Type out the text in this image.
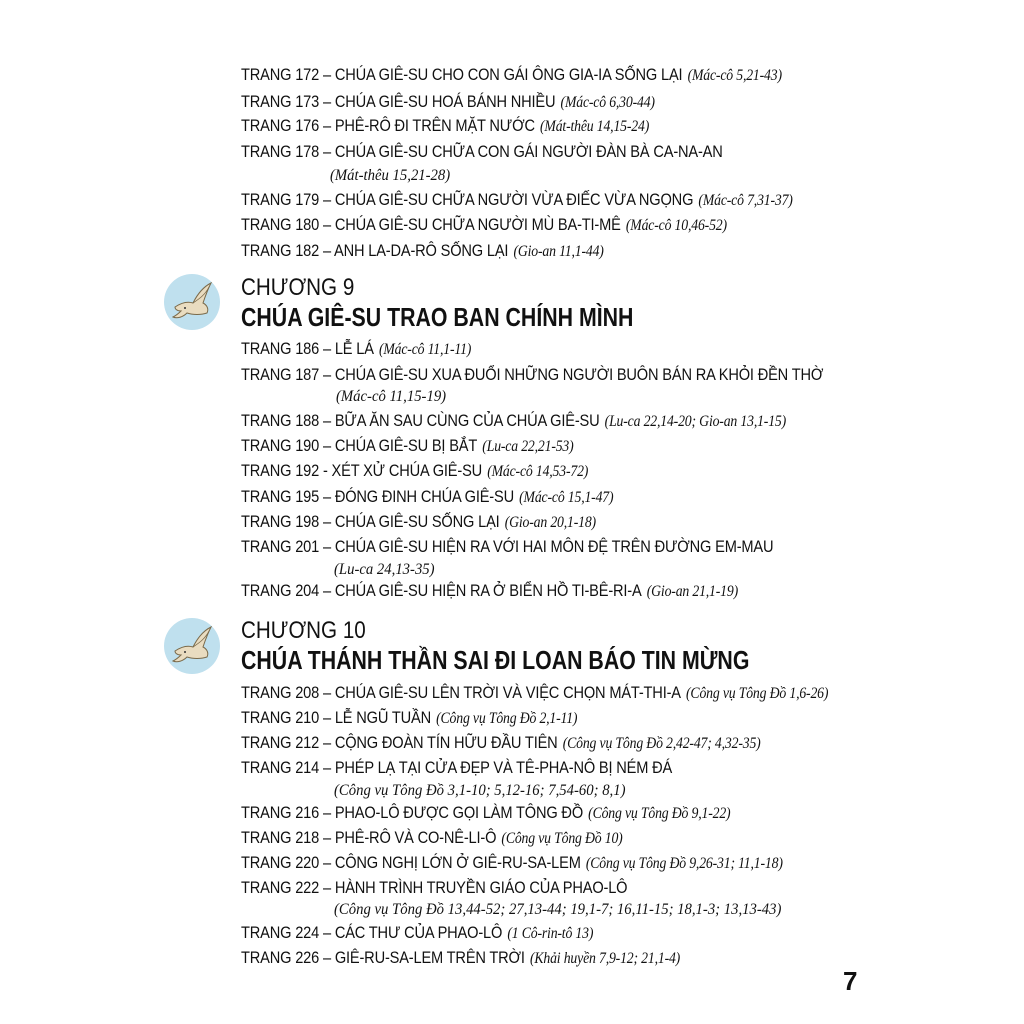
TRANG 172 – CHÚA GIÊ-SU CHO CON GÁI ÔNG GIA-IA SỐNG LẠI (Mác-cô 5,21-43)
TRANG 173 – CHÚA GIÊ-SU HOÁ BÁNH NHIỀU (Mác-cô 6,30-44)
TRANG 176 – PHÊ-RÔ ĐI TRÊN MẶT NƯỚC (Mát-thêu 14,15-24)
TRANG 178 – CHÚA GIÊ-SU CHỮA CON GÁI NGƯỜI ĐÀN BÀ CA-NA-AN
(Mát-thêu 15,21-28)
TRANG 179 – CHÚA GIÊ-SU CHỮA NGƯỜI VỪA ĐIẾC VỪA NGỌNG (Mác-cô 7,31-37)
TRANG 180 – CHÚA GIÊ-SU CHỮA NGƯỜI MÙ BA-TI-MÊ (Mác-cô 10,46-52)
TRANG 182 – ANH LA-DA-RÔ SỐNG LẠI (Gio-an 11,1-44)
CHƯƠNG 9
CHÚA GIÊ-SU TRAO BAN CHÍNH MÌNH
TRANG 186 – LỄ LÁ (Mác-cô 11,1-11)
TRANG 187 – CHÚA GIÊ-SU XUA ĐUỔI NHỮNG NGƯỜI BUÔN BÁN RA KHỎI ĐỀN THỜ
(Mác-cô 11,15-19)
TRANG 188 – BỮA ĂN SAU CÙNG CỦA CHÚA GIÊ-SU (Lu-ca 22,14-20; Gio-an 13,1-15)
TRANG 190 – CHÚA GIÊ-SU BỊ BẮT (Lu-ca 22,21-53)
TRANG 192 - XÉT XỬ CHÚA GIÊ-SU (Mác-cô 14,53-72)
TRANG 195 – ĐÓNG ĐINH CHÚA GIÊ-SU (Mác-cô 15,1-47)
TRANG 198 – CHÚA GIÊ-SU SỐNG LẠI (Gio-an 20,1-18)
TRANG 201 – CHÚA GIÊ-SU HIỆN RA VỚI HAI MÔN ĐỆ TRÊN ĐƯỜNG EM-MAU
(Lu-ca 24,13-35)
TRANG 204 – CHÚA GIÊ-SU HIỆN RA Ở BIỂN HỒ TI-BÊ-RI-A (Gio-an 21,1-19)
CHƯƠNG 10
CHÚA THÁNH THẦN SAI ĐI LOAN BÁO TIN MỪNG
TRANG 208 – CHÚA GIÊ-SU LÊN TRỜI VÀ VIỆC CHỌN MÁT-THI-A (Công vụ Tông Đồ 1,6-26)
TRANG 210 – LỄ NGŨ TUẦN (Công vụ Tông Đồ 2,1-11)
TRANG 212 – CỘNG ĐOÀN TÍN HỮU ĐẦU TIÊN (Công vụ Tông Đồ 2,42-47; 4,32-35)
TRANG 214 – PHÉP LẠ TẠI CỬA ĐẸP VÀ TÊ-PHA-NÔ BỊ NÉM ĐÁ
(Công vụ Tông Đồ 3,1-10; 5,12-16; 7,54-60; 8,1)
TRANG 216 – PHAO-LÔ ĐƯỢC GỌI LÀM TÔNG ĐỒ (Công vụ Tông Đồ 9,1-22)
TRANG 218 – PHÊ-RÔ VÀ CO-NÊ-LI-Ô (Công vụ Tông Đồ 10)
TRANG 220 – CÔNG NGHỊ LỚN Ở GIÊ-RU-SA-LEM (Công vụ Tông Đồ 9,26-31; 11,1-18)
TRANG 222 – HÀNH TRÌNH TRUYỀN GIÁO CỦA PHAO-LÔ
(Công vụ Tông Đồ 13,44-52; 27,13-44; 19,1-7; 16,11-15; 18,1-3; 13,13-43)
TRANG 224 – CÁC THƯ CỦA PHAO-LÔ (1 Cô-rin-tô 13)
TRANG 226 – GIÊ-RU-SA-LEM TRÊN TRỜI (Khải huyền 7,9-12; 21,1-4)
7
